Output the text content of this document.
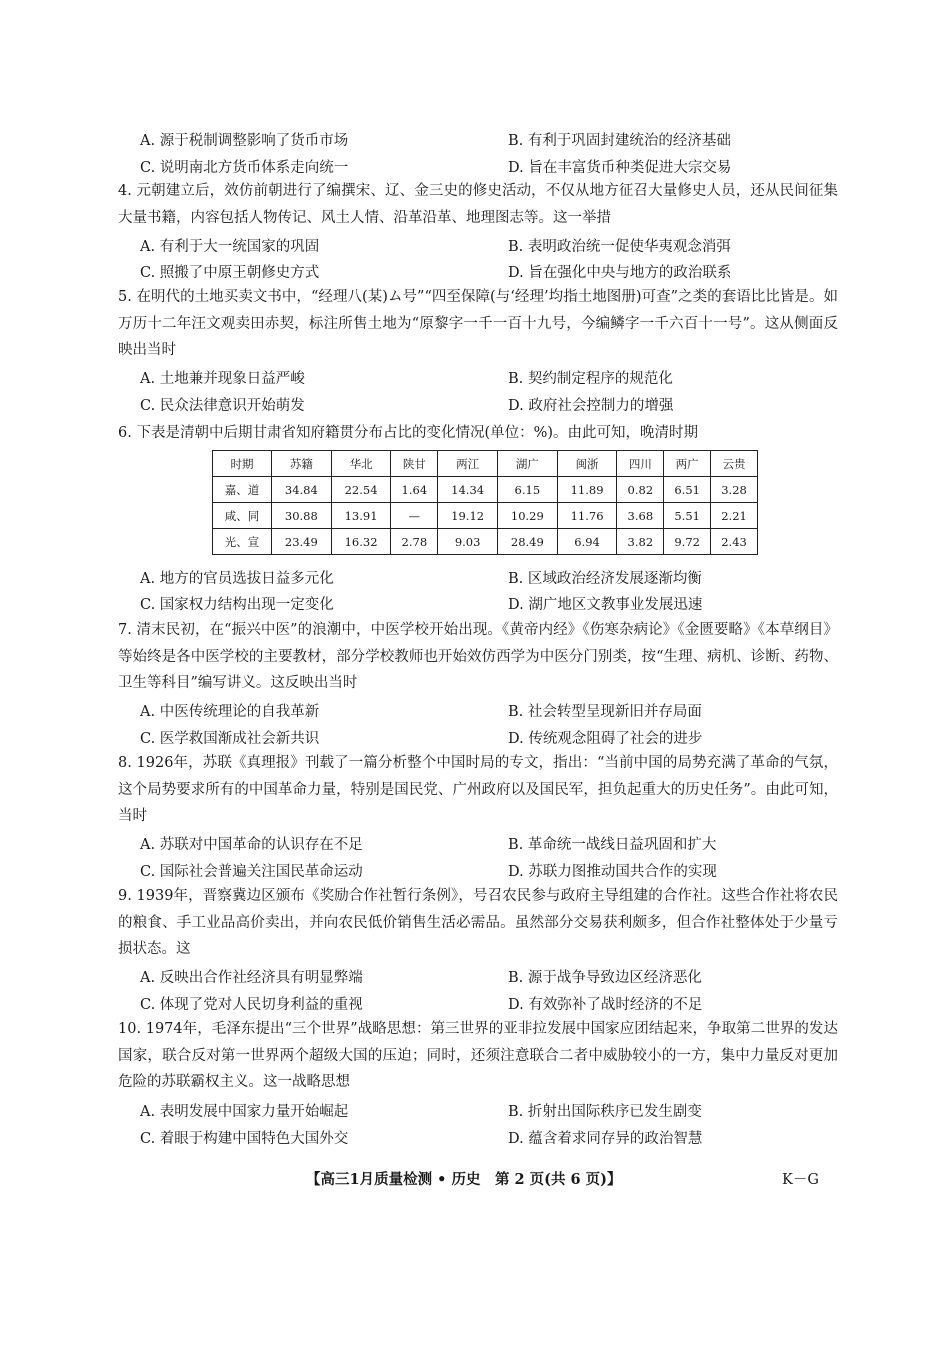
A. 源于税制调整影响了货币市场	B. 有利于巩固封建统治的经济基础
C. 说明南北方货币体系走向统一	D. 旨在丰富货币种类促进大宗交易
4. 元朝建立后，效仿前朝进行了编撰宋、辽、金三史的修史活动，不仅从地方征召大量修史人员，还从民间征集大量书籍，内容包括人物传记、风土人情、沿革沿革、地理图志等。这一举措
A. 有利于大一统国家的巩固	B. 表明政治统一促使华夷观念消弭
C. 照搬了中原王朝修史方式	D. 旨在强化中央与地方的政治联系
5. 在明代的土地买卖文书中，“经理八(某)ム号”“四至保障(与‘经理’均指土地图册)可查”之类的套语比比皆是。如万历十二年汪文观卖田赤契，标注所售土地为“原黎字一千一百十九号，今编鳞字一千六百十一号”。这从侧面反映出当时
A. 土地兼并现象日益严峻	B. 契约制定程序的规范化
C. 民众法律意识开始萌发	D. 政府社会控制力的增强
6. 下表是清朝中后期甘肃省知府籍贯分布占比的变化情况(单位：%)。由此可知，晚清时期
时期	苏籍	华北	陕甘	两江	湖广	闽浙	四川	两广	云贵
嘉、道	34.84	22.54	1.64	14.34	6.15	11.89	0.82	6.51	3.28
咸、同	30.88	13.91	—	19.12	10.29	11.76	3.68	5.51	2.21
光、宣	23.49	16.32	2.78	9.03	28.49	6.94	3.82	9.72	2.43
A. 地方的官员选拔日益多元化	B. 区域政治经济发展逐渐均衡
C. 国家权力结构出现一定变化	D. 湖广地区文教事业发展迅速
7. 清末民初，在“振兴中医”的浪潮中，中医学校开始出现。《黄帝内经》《伤寒杂病论》《金匮要略》《本草纲目》等始终是各中医学校的主要教材，部分学校教师也开始效仿西学为中医分门别类，按“生理、病机、诊断、药物、卫生等科目”编写讲义。这反映出当时
A. 中医传统理论的自我革新	B. 社会转型呈现新旧并存局面
C. 医学救国渐成社会新共识	D. 传统观念阻碍了社会的进步
8. 1926年，苏联《真理报》刊载了一篇分析整个中国时局的专文，指出：“当前中国的局势充满了革命的气氛，这个局势要求所有的中国革命力量，特别是国民党、广州政府以及国民军，担负起重大的历史任务”。由此可知，当时
A. 苏联对中国革命的认识存在不足	B. 革命统一战线日益巩固和扩大
C. 国际社会普遍关注国民革命运动	D. 苏联力图推动国共合作的实现
9. 1939年，晋察冀边区颁布《奖励合作社暂行条例》，号召农民参与政府主导组建的合作社。这些合作社将农民的粮食、手工业品高价卖出，并向农民低价销售生活必需品。虽然部分交易获利颇多，但合作社整体处于少量亏损状态。这
A. 反映出合作社经济具有明显弊端	B. 源于战争导致边区经济恶化
C. 体现了党对人民切身利益的重视	D. 有效弥补了战时经济的不足
10. 1974年，毛泽东提出“三个世界”战略思想：第三世界的亚非拉发展中国家应团结起来，争取第二世界的发达国家，联合反对第一世界两个超级大国的压迫；同时，还须注意联合二者中威胁较小的一方，集中力量反对更加危险的苏联霸权主义。这一战略思想
A. 表明发展中国家力量开始崛起	B. 折射出国际秩序已发生剧变
C. 着眼于构建中国特色大国外交	D. 蕴含着求同存异的政治智慧
【高三1月质量检测 • 历史　第 2 页(共 6 页)】	K－G
